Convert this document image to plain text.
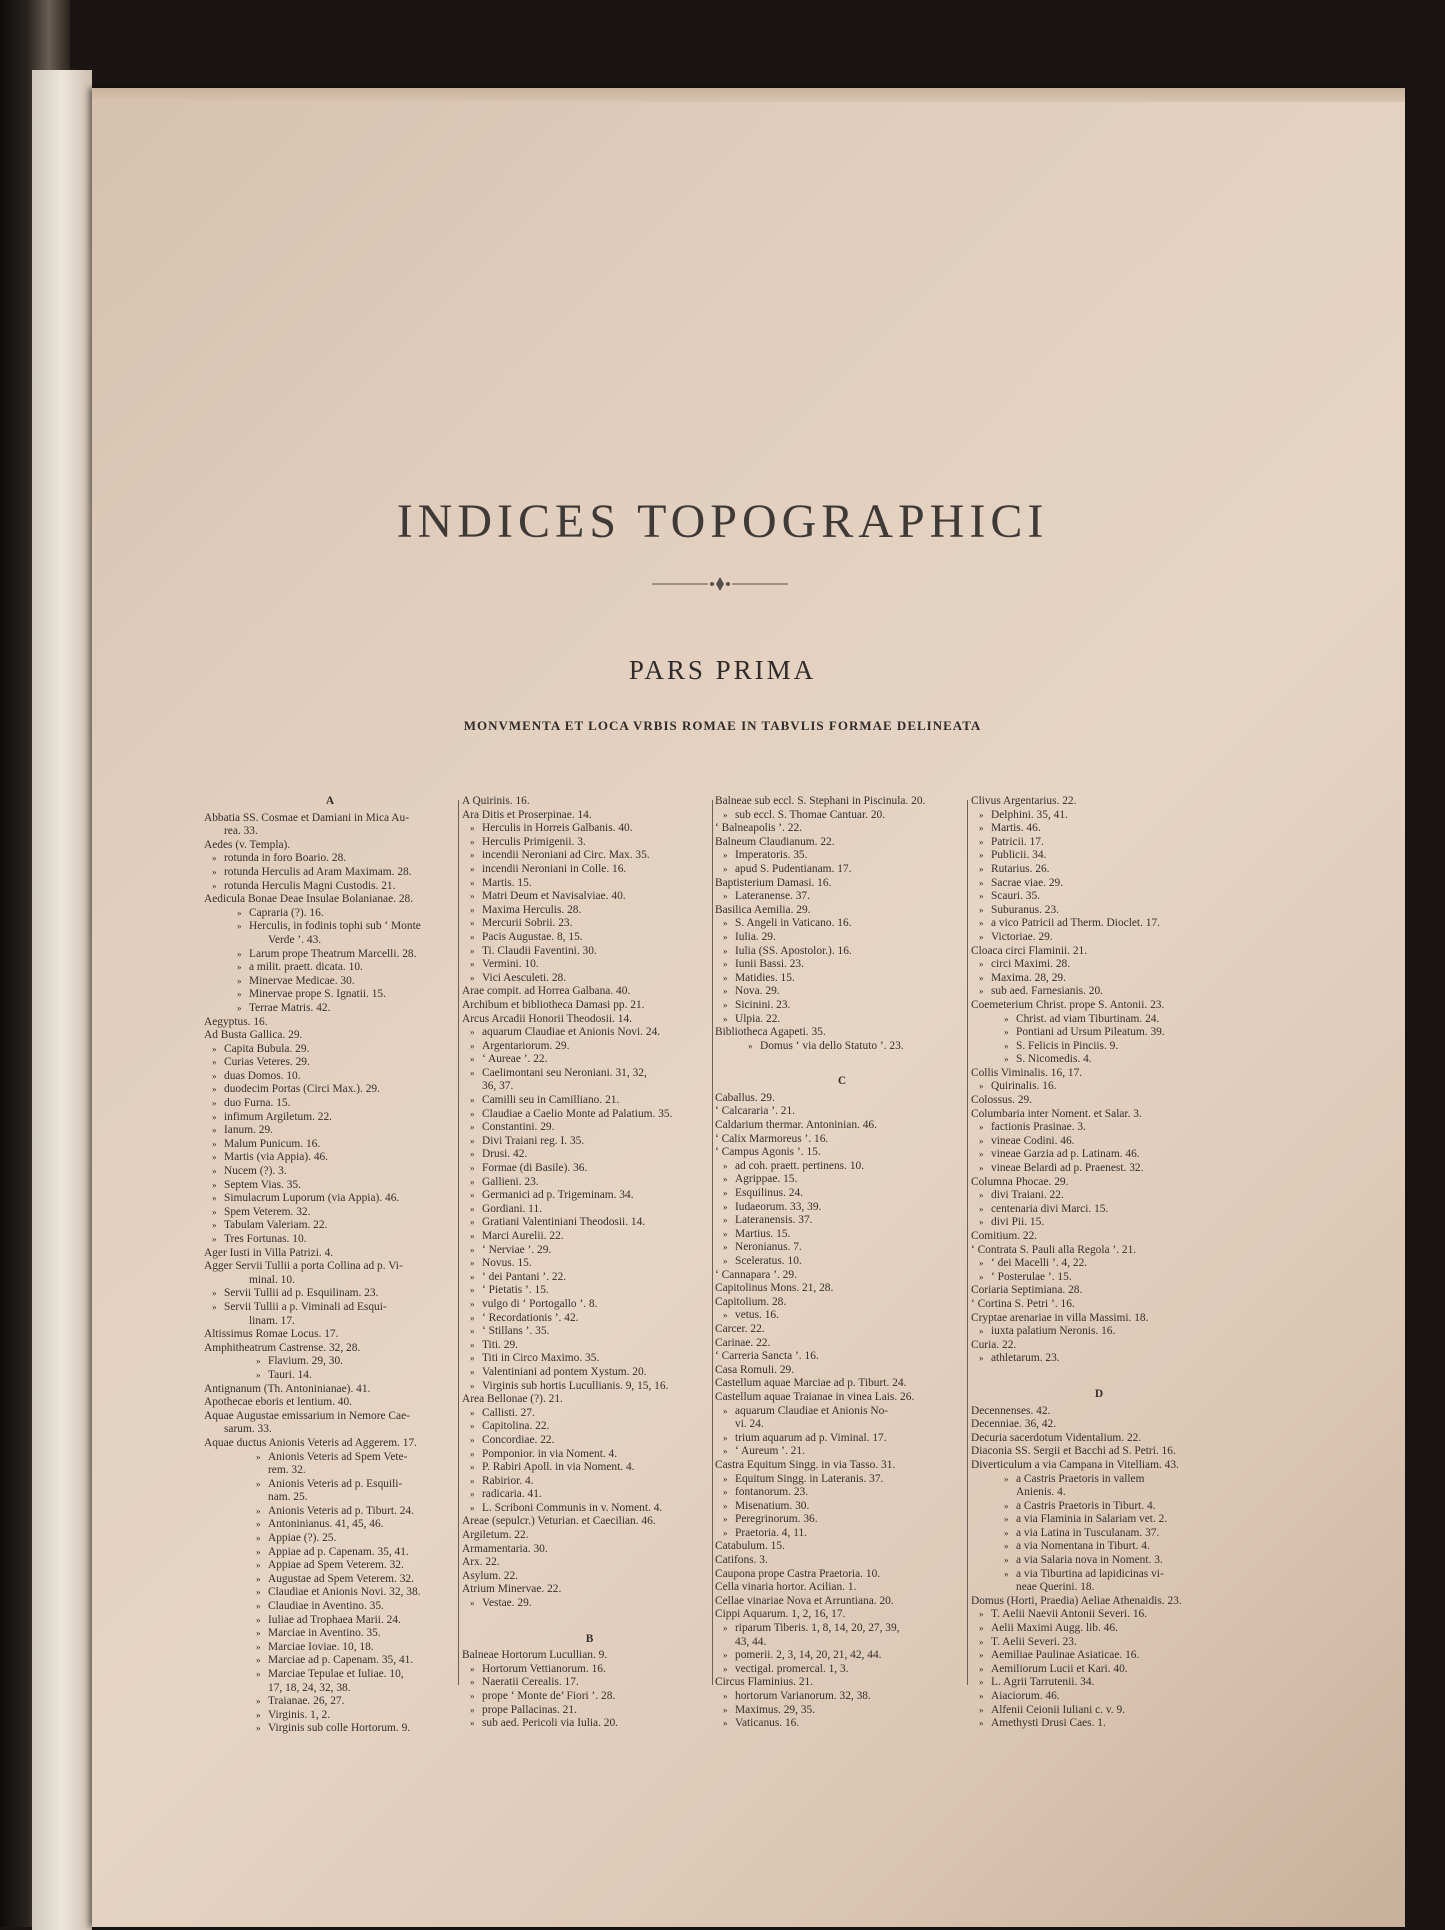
INDICES TOPOGRAPHICI
PARS PRIMA
MONVMENTA ET LOCA VRBIS ROMAE IN TABVLIS FORMAE DELINEATA
A
Abbatia SS. Cosmae et Damiani in Mica Au-
rea. 33.
Aedes (v. Templa).
» rotunda in foro Boario. 28.
» rotunda Herculis ad Aram Maximam. 28.
» rotunda Herculis Magni Custodis. 21.
Aedicula Bonae Deae Insulae Bolanianae. 28.
» Capraria (?). 16.
» Herculis, in fodinis tophi sub ‘ Monte
Verde ’. 43.
» Larum prope Theatrum Marcelli. 28.
» a milit. praett. dicata. 10.
» Minervae Medicae. 30.
» Minervae prope S. Ignatii. 15.
» Terrae Matris. 42.
Aegyptus. 16.
Ad Busta Gallica. 29.
» Capita Bubula. 29.
» Curias Veteres. 29.
» duas Domos. 10.
» duodecim Portas (Circi Max.). 29.
» duo Furna. 15.
» infimum Argiletum. 22.
» Ianum. 29.
» Malum Punicum. 16.
» Martis (via Appia). 46.
» Nucem (?). 3.
» Septem Vias. 35.
» Simulacrum Luporum (via Appia). 46.
» Spem Veterem. 32.
» Tabulam Valeriam. 22.
» Tres Fortunas. 10.
Ager Iusti in Villa Patrizi. 4.
Agger Servii Tullii a porta Collina ad p. Vi-
minal. 10.
» Servii Tullii ad p. Esquilinam. 23.
» Servii Tullii a p. Viminali ad Esqui-
linam. 17.
Altissimus Romae Locus. 17.
Amphitheatrum Castrense. 32, 28.
» Flavium. 29, 30.
» Tauri. 14.
Antignanum (Th. Antoninianae). 41.
Apothecae eboris et lentium. 40.
Aquae Augustae emissarium in Nemore Cae-
sarum. 33.
Aquae ductus Anionis Veteris ad Aggerem. 17.
» Anionis Veteris ad Spem Vete-
rem. 32.
» Anionis Veteris ad p. Esquili-
nam. 25.
» Anionis Veteris ad p. Tiburt. 24.
» Antoninianus. 41, 45, 46.
» Appiae (?). 25.
» Appiae ad p. Capenam. 35, 41.
» Appiae ad Spem Veterem. 32.
» Augustae ad Spem Veterem. 32.
» Claudiae et Anionis Novi. 32, 38.
» Claudiae in Aventino. 35.
» Iuliae ad Trophaea Marii. 24.
» Marciae in Aventino. 35.
» Marciae Ioviae. 10, 18.
» Marciae ad p. Capenam. 35, 41.
» Marciae Tepulae et Iuliae. 10,
17, 18, 24, 32, 38.
» Traianae. 26, 27.
» Virginis. 1, 2.
» Virginis sub colle Hortorum. 9.
A Quirinis. 16.
Ara Ditis et Proserpinae. 14.
» Herculis in Horreis Galbanis. 40.
» Herculis Primigenii. 3.
» incendii Neroniani ad Circ. Max. 35.
» incendii Neroniani in Colle. 16.
» Martis. 15.
» Matri Deum et Navisalviae. 40.
» Maxima Herculis. 28.
» Mercurii Sobrii. 23.
» Pacis Augustae. 8, 15.
» Ti. Claudii Faventini. 30.
» Vermini. 10.
» Vici Aesculeti. 28.
Arae compit. ad Horrea Galbana. 40.
Archibum et bibliotheca Damasi pp. 21.
Arcus Arcadii Honorii Theodosii. 14.
» aquarum Claudiae et Anionis Novi. 24.
» Argentariorum. 29.
» ‘ Aureae ’. 22.
» Caelimontani seu Neroniani. 31, 32,
36, 37.
» Camilli seu in Camilliano. 21.
» Claudiae a Caelio Monte ad Palatium. 35.
» Constantini. 29.
» Divi Traiani reg. I. 35.
» Drusi. 42.
» Formae (di Basile). 36.
» Gallieni. 23.
» Germanici ad p. Trigeminam. 34.
» Gordiani. 11.
» Gratiani Valentiniani Theodosii. 14.
» Marci Aurelii. 22.
» ‘ Nerviae ’. 29.
» Novus. 15.
» ‘ dei Pantani ’. 22.
» ‘ Pietatis ’. 15.
» vulgo di ‘ Portogallo ’. 8.
» ‘ Recordationis ’. 42.
» ‘ Stillans ’. 35.
» Titi. 29.
» Titi in Circo Maximo. 35.
» Valentiniani ad pontem Xystum. 20.
» Virginis sub hortis Lucullianis. 9, 15, 16.
Area Bellonae (?). 21.
» Callisti. 27.
» Capitolina. 22.
» Concordiae. 22.
» Pomponior. in via Noment. 4.
» P. Rabiri Apoll. in via Noment. 4.
» Rabirior. 4.
» radicaria. 41.
» L. Scriboni Communis in v. Noment. 4.
Areae (sepulcr.) Veturian. et Caecilian. 46.
Argiletum. 22.
Armamentaria. 30.
Arx. 22.
Asylum. 22.
Atrium Minervae. 22.
» Vestae. 29.
B
Balneae Hortorum Lucullian. 9.
» Hortorum Vettianorum. 16.
» Naeratii Cerealis. 17.
» prope ‘ Monte de’ Fiori ’. 28.
» prope Pallacinas. 21.
» sub aed. Pericoli via Iulia. 20.
Balneae sub eccl. S. Stephani in Piscinula. 20.
» sub eccl. S. Thomae Cantuar. 20.
‘ Balneapolis ’. 22.
Balneum Claudianum. 22.
» Imperatoris. 35.
» apud S. Pudentianam. 17.
Baptisterium Damasi. 16.
» Lateranense. 37.
Basilica Aemilia. 29.
» S. Angeli in Vaticano. 16.
» Iulia. 29.
» Iulia (SS. Apostolor.). 16.
» Iunii Bassi. 23.
» Matidies. 15.
» Nova. 29.
» Sicinini. 23.
» Ulpia. 22.
Bibliotheca Agapeti. 35.
» Domus ‘ via dello Statuto ’. 23.
C
Caballus. 29.
‘ Calcararia ’. 21.
Caldarium thermar. Antoninian. 46.
‘ Calix Marmoreus ’. 16.
‘ Campus Agonis ’. 15.
» ad coh. praett. pertinens. 10.
» Agrippae. 15.
» Esquilinus. 24.
» Iudaeorum. 33, 39.
» Lateranensis. 37.
» Martius. 15.
» Neronianus. 7.
» Sceleratus. 10.
‘ Cannapara ’. 29.
Capitolinus Mons. 21, 28.
Capitolium. 28.
» vetus. 16.
Carcer. 22.
Carinae. 22.
‘ Carreria Sancta ’. 16.
Casa Romuli. 29.
Castellum aquae Marciae ad p. Tiburt. 24.
Castellum aquae Traianae in vinea Lais. 26.
» aquarum Claudiae et Anionis No-
vi. 24.
» trium aquarum ad p. Viminal. 17.
» ‘ Aureum ’. 21.
Castra Equitum Singg. in via Tasso. 31.
» Equitum Singg. in Lateranis. 37.
» fontanorum. 23.
» Misenatium. 30.
» Peregrinorum. 36.
» Praetoria. 4, 11.
Catabulum. 15.
Catifons. 3.
Caupona prope Castra Praetoria. 10.
Cella vinaria hortor. Acilian. 1.
Cellae vinariae Nova et Arruntiana. 20.
Cippi Aquarum. 1, 2, 16, 17.
» riparum Tiberis. 1, 8, 14, 20, 27, 39,
43, 44.
» pomerii. 2, 3, 14, 20, 21, 42, 44.
» vectigal. promercal. 1, 3.
Circus Flaminius. 21.
» hortorum Varianorum. 32, 38.
» Maximus. 29, 35.
» Vaticanus. 16.
Clivus Argentarius. 22.
» Delphini. 35, 41.
» Martis. 46.
» Patricii. 17.
» Publicii. 34.
» Rutarius. 26.
» Sacrae viae. 29.
» Scauri. 35.
» Suburanus. 23.
» a vico Patricii ad Therm. Dioclet. 17.
» Victoriae. 29.
Cloaca circi Flaminii. 21.
» circi Maximi. 28.
» Maxima. 28, 29.
» sub aed. Farnesianis. 20.
Coemeterium Christ. prope S. Antonii. 23.
» Christ. ad viam Tiburtinam. 24.
» Pontiani ad Ursum Pileatum. 39.
» S. Felicis in Pinciis. 9.
» S. Nicomedis. 4.
Collis Viminalis. 16, 17.
» Quirinalis. 16.
Colossus. 29.
Columbaria inter Noment. et Salar. 3.
» factionis Prasinae. 3.
» vineae Codini. 46.
» vineae Garzia ad p. Latinam. 46.
» vineae Belardi ad p. Praenest. 32.
Columna Phocae. 29.
» divi Traiani. 22.
» centenaria divi Marci. 15.
» divi Pii. 15.
Comitium. 22.
‘ Contrata S. Pauli alla Regola ’. 21.
» ‘ dei Macelli ’. 4, 22.
» ‘ Posterulae ’. 15.
Coriaria Septimiana. 28.
‘ Cortina S. Petri ’. 16.
Cryptae arenariae in villa Massimi. 18.
» iuxta palatium Neronis. 16.
Curia. 22.
» athletarum. 23.
D
Decennenses. 42.
Decenniae. 36, 42.
Decuria sacerdotum Videntalium. 22.
Diaconia SS. Sergii et Bacchi ad S. Petri. 16.
Diverticulum a via Campana in Vitelliam. 43.
» a Castris Praetoris in vallem
Anienis. 4.
» a Castris Praetoris in Tiburt. 4.
» a via Flaminia in Salariam vet. 2.
» a via Latina in Tusculanam. 37.
» a via Nomentana in Tiburt. 4.
» a via Salaria nova in Noment. 3.
» a via Tiburtina ad lapidicinas vi-
neae Querini. 18.
Domus (Horti, Praedia) Aeliae Athenaidis. 23.
» T. Aelii Naevii Antonii Severi. 16.
» Aelii Maximi Augg. lib. 46.
» T. Aelii Severi. 23.
» Aemiliae Paulinae Asiaticae. 16.
» Aemiliorum Lucii et Kari. 40.
» L. Agrii Tarrutenii. 34.
» Aiaciorum. 46.
» Alfenii Ceionii Iuliani c. v. 9.
» Amethysti Drusi Caes. 1.
